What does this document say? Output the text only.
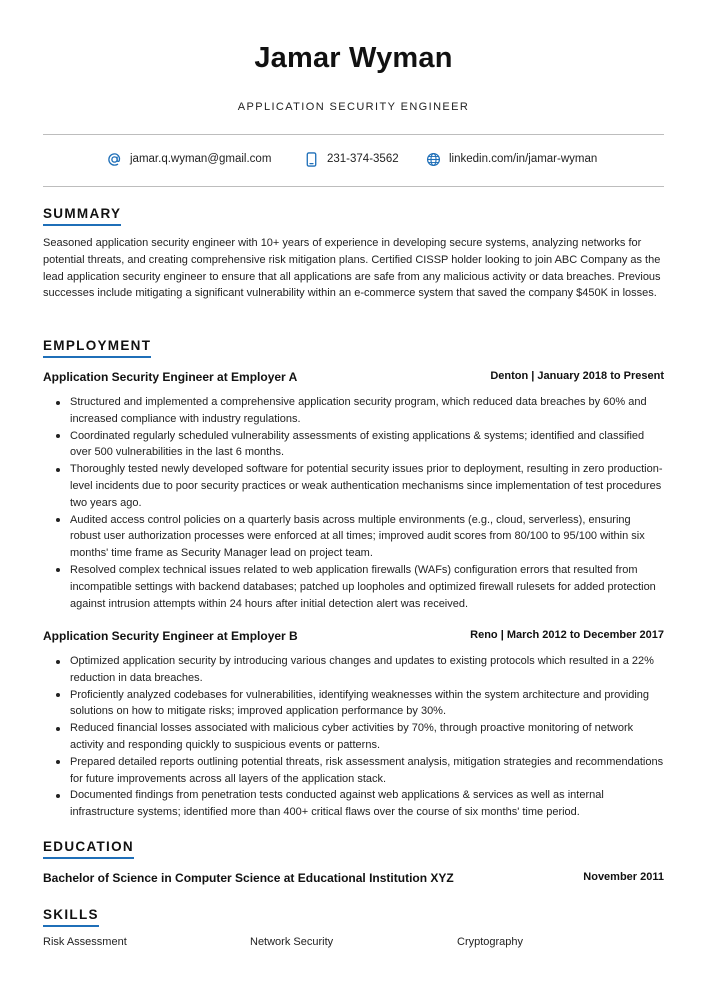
Jamar Wyman
APPLICATION SECURITY ENGINEER
jamar.q.wyman@gmail.com	231-374-3562	linkedin.com/in/jamar-wyman
SUMMARY
Seasoned application security engineer with 10+ years of experience in developing secure systems, analyzing networks for potential threats, and creating comprehensive risk mitigation plans. Certified CISSP holder looking to join ABC Company as the lead application security engineer to ensure that all applications are safe from any malicious activity or data breaches. Previous successes include mitigating a significant vulnerability within an e-commerce system that saved the company $450K in losses.
EMPLOYMENT
Application Security Engineer at Employer A	Denton | January 2018 to Present
Structured and implemented a comprehensive application security program, which reduced data breaches by 60% and increased compliance with industry regulations.
Coordinated regularly scheduled vulnerability assessments of existing applications & systems; identified and classified over 500 vulnerabilities in the last 6 months.
Thoroughly tested newly developed software for potential security issues prior to deployment, resulting in zero production-level incidents due to poor security practices or weak authentication mechanisms since implementation of test procedures two years ago.
Audited access control policies on a quarterly basis across multiple environments (e.g., cloud, serverless), ensuring robust user authorization processes were enforced at all times; improved audit scores from 80/100 to 95/100 within six months' time frame as Security Manager lead on project team.
Resolved complex technical issues related to web application firewalls (WAFs) configuration errors that resulted from incompatible settings with backend databases; patched up loopholes and optimized firewall rulesets for added protection against intrusion attempts within 24 hours after initial detection alert was received.
Application Security Engineer at Employer B	Reno | March 2012 to December 2017
Optimized application security by introducing various changes and updates to existing protocols which resulted in a 22% reduction in data breaches.
Proficiently analyzed codebases for vulnerabilities, identifying weaknesses within the system architecture and providing solutions on how to mitigate risks; improved application performance by 30%.
Reduced financial losses associated with malicious cyber activities by 70%, through proactive monitoring of network activity and responding quickly to suspicious events or patterns.
Prepared detailed reports outlining potential threats, risk assessment analysis, mitigation strategies and recommendations for future improvements across all layers of the application stack.
Documented findings from penetration tests conducted against web applications & services as well as internal infrastructure systems; identified more than 400+ critical flaws over the course of six months' time period.
EDUCATION
Bachelor of Science in Computer Science at Educational Institution XYZ	November 2011
SKILLS
Risk Assessment	Network Security	Cryptography
